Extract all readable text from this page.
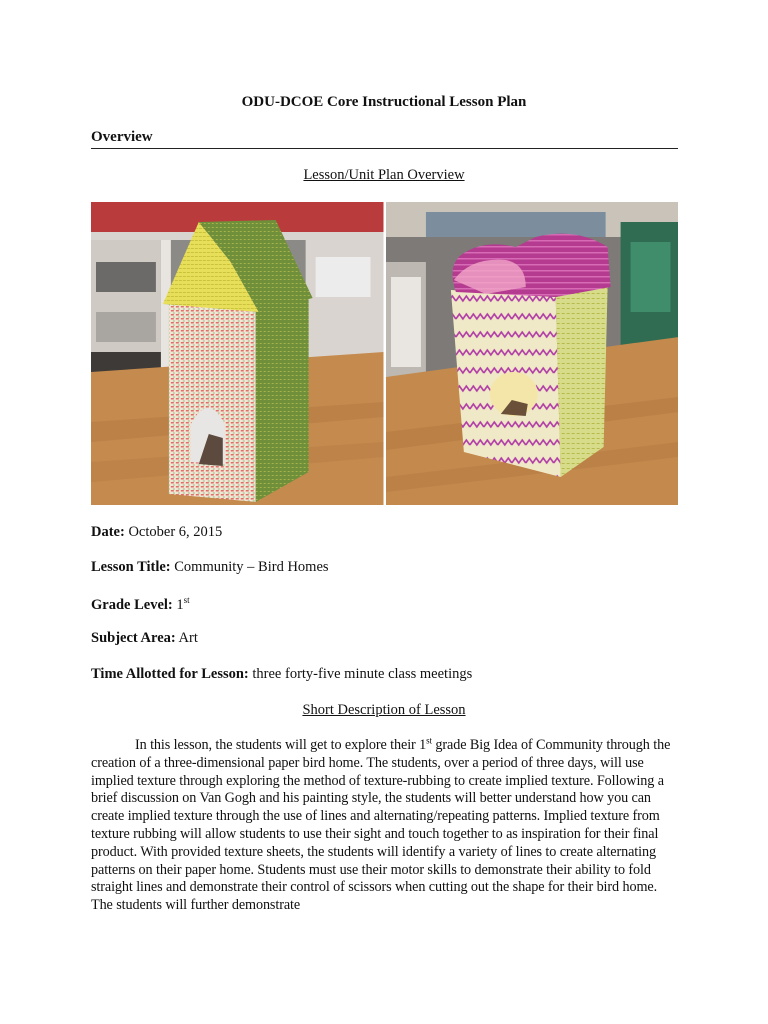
ODU-DCOE Core Instructional Lesson Plan
Overview
Lesson/Unit Plan Overview
Date: October 6, 2015
Lesson Title: Community – Bird Homes
Grade Level: 1st
Subject Area: Art
Time Allotted for Lesson: three forty-five minute class meetings
Short Description of Lesson

In this lesson, the students will get to explore their 1st grade Big Idea of Community through the creation of a three-dimensional paper bird home. The students, over a period of three days, will use implied texture through exploring the method of texture-rubbing to create implied texture. Following a brief discussion on Van Gogh and his painting style, the students will better understand how you can create implied texture through the use of lines and alternating/repeating patterns. Implied texture from texture rubbing will allow students to use their sight and touch together to as inspiration for their final product. With provided texture sheets, the students will identify a variety of lines to create alternating patterns on their paper home. Students must use their motor skills to demonstrate their ability to fold straight lines and demonstrate their control of scissors when cutting out the shape for their bird home. The students will further demonstrate
